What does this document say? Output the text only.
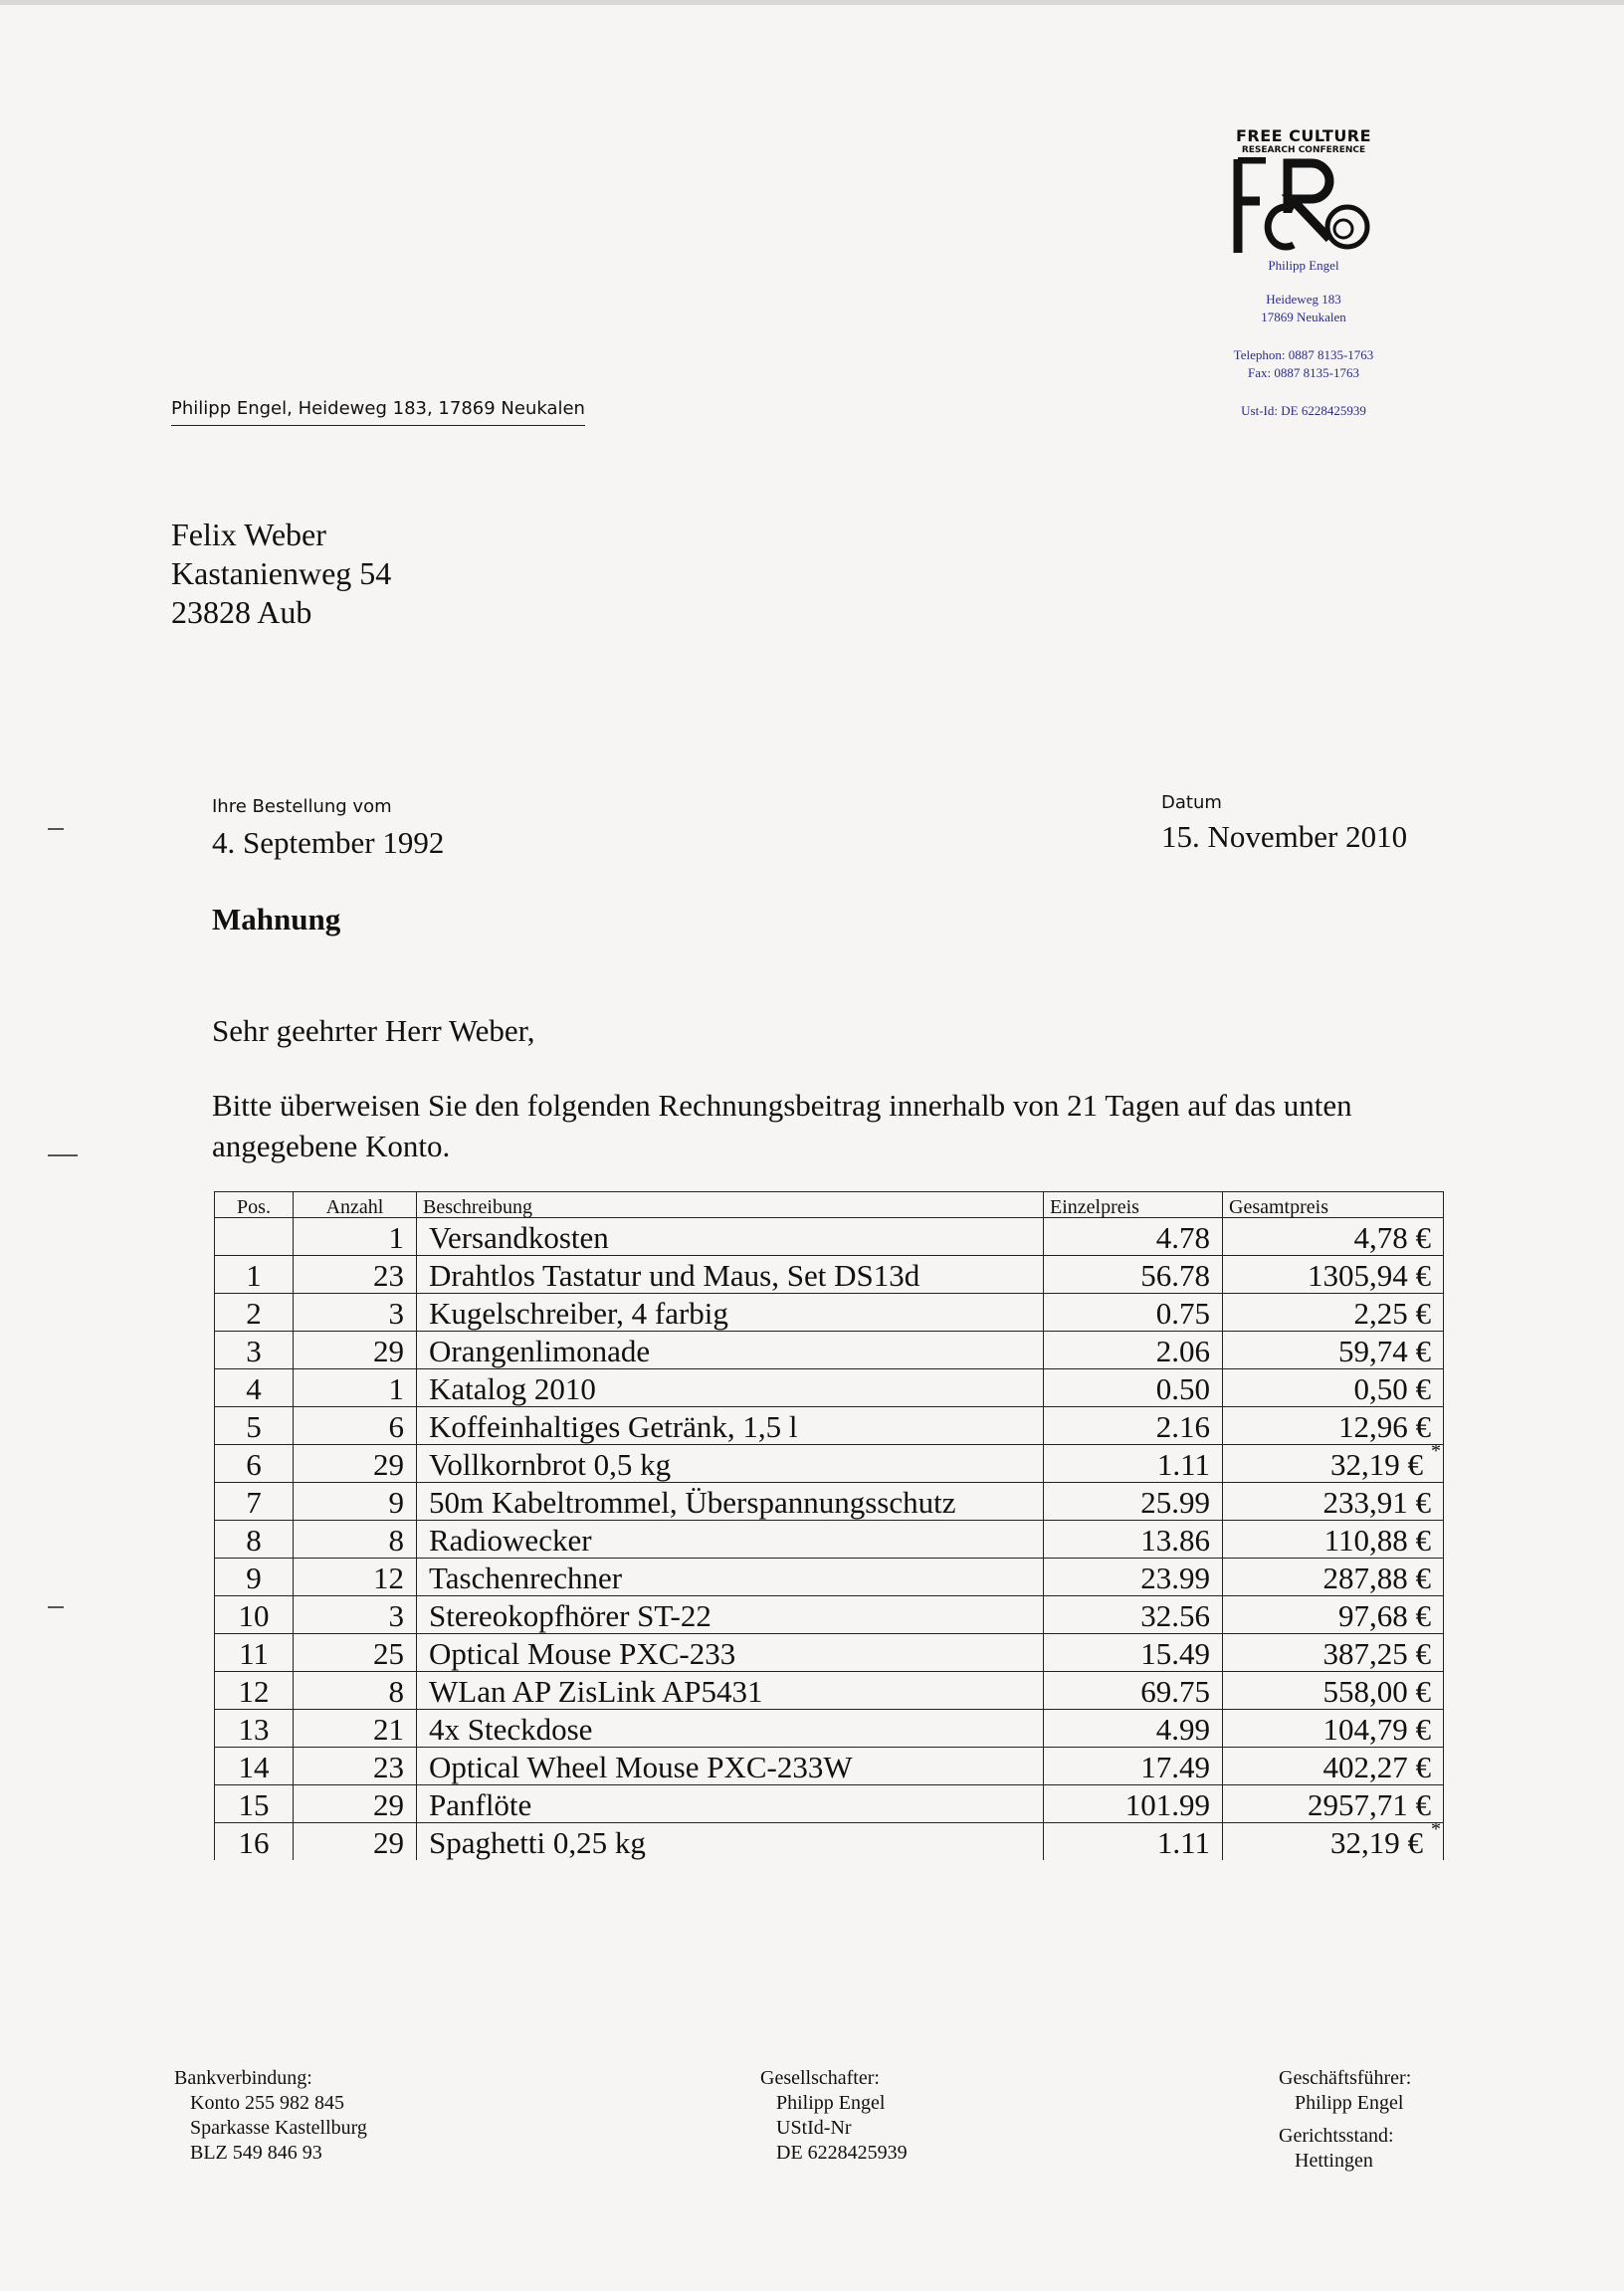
FREE CULTURE
RESEARCH CONFERENCE
Philipp Engel
Heideweg 183
17869 Neukalen
Telephon: 0887 8135-1763
Fax: 0887 8135-1763
Ust-Id: DE 6228425939
Philipp Engel, Heideweg 183, 17869 Neukalen
Felix Weber
Kastanienweg 54
23828 Aub
Ihre Bestellung vom
4. September 1992
Datum
15. November 2010
Mahnung
Sehr geehrter Herr Weber,
Bitte überweisen Sie den folgenden Rechnungsbeitrag innerhalb von 21 Tagen auf das unten angegebene Konto.
Pos.	Anzahl	Beschreibung	Einzelpreis	Gesamtpreis
	1	Versandkosten	4.78	4,78 €
1	23	Drahtlos Tastatur und Maus, Set DS13d	56.78	1305,94 €
2	3	Kugelschreiber, 4 farbig	0.75	2,25 €
3	29	Orangenlimonade	2.06	59,74 €
4	1	Katalog 2010	0.50	0,50 €
5	6	Koffeinhaltiges Getränk, 1,5 l	2.16	12,96 €
6	29	Vollkornbrot 0,5 kg	1.11	32,19 € *

7	9	50m Kabeltrommel, Überspannungsschutz	25.99	233,91 €
8	8	Radiowecker	13.86	110,88 €
9	12	Taschenrechner	23.99	287,88 €
10	3	Stereokopfhörer ST-22	32.56	97,68 €
11	25	Optical Mouse PXC-233	15.49	387,25 €
12	8	WLan AP ZisLink AP5431	69.75	558,00 €
13	21	4x Steckdose	4.99	104,79 €
14	23	Optical Wheel Mouse PXC-233W	17.49	402,27 €
15	29	Panflöte	101.99	2957,71 €
16	29	Spaghetti 0,25 kg	1.11	32,19 € *
Bankverbindung:
Konto 255 982 845
Sparkasse Kastellburg
BLZ 549 846 93
Gesellschafter:
Philipp Engel
UStId-Nr
DE 6228425939
Geschäftsführer:
Philipp Engel
Gerichtsstand:
Hettingen
